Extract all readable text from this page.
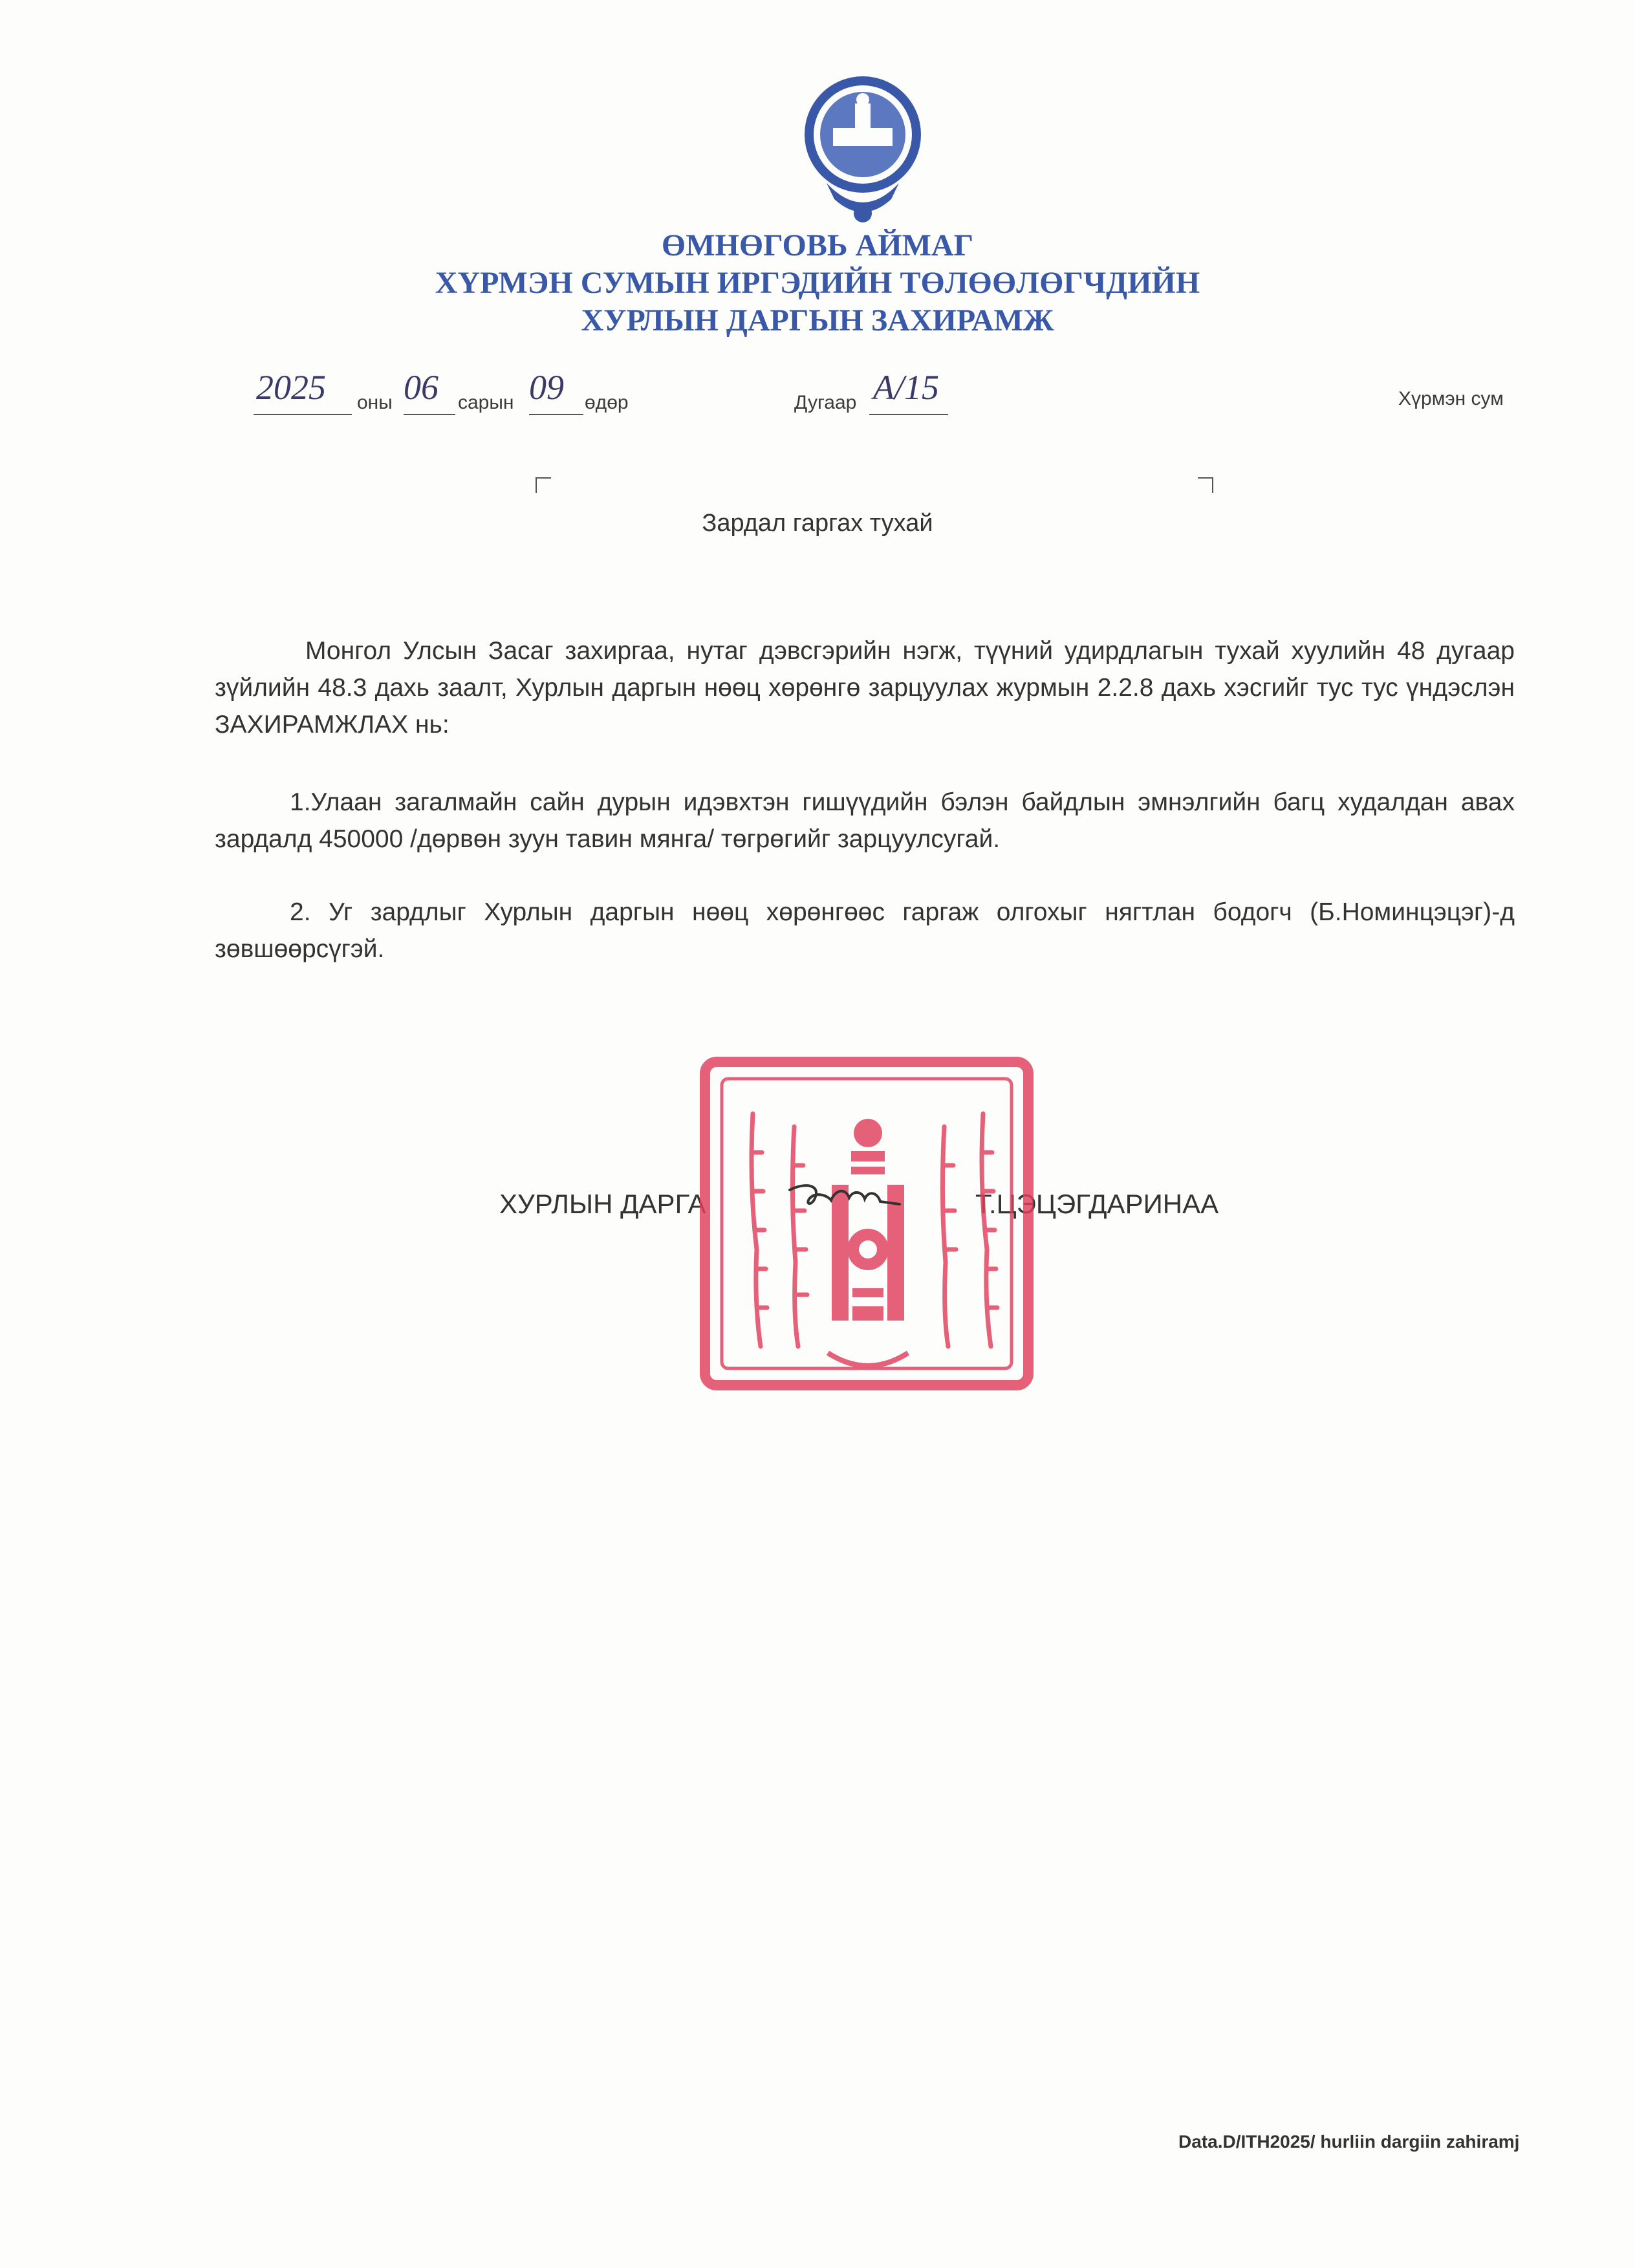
ӨМНӨГОВЬ АЙМАГ
ХҮРМЭН СУМЫН ИРГЭДИЙН ТӨЛӨӨЛӨГЧДИЙН
ХУРЛЫН ДАРГЫН ЗАХИРАМЖ
2025	оны 06	сарын 09	өдөр	Дугаар А/15	Хүрмэн сум
Зардал гаргах тухай

Монгол Улсын Засаг захиргаа, нутаг дэвсгэрийн нэгж, түүний удирдлагын тухай хуулийн 48 дугаар зүйлийн 48.3 дахь заалт, Хурлын даргын нөөц хөрөнгө зарцуулах журмын 2.2.8 дахь хэсгийг тус тус үндэслэн ЗАХИРАМЖЛАХ нь:

1.Улаан загалмайн сайн дурын идэвхтэн гишүүдийн бэлэн байдлын эмнэлгийн багц худалдан авах зардалд 450000 /дөрвөн зуун тавин мянга/ төгрөгийг зарцуулсугай.

2. Уг зардлыг Хурлын даргын нөөц хөрөнгөөс гаргаж олгохыг нягтлан бодогч (Б.Номинцэцэг)-д зөвшөөрсүгэй.

ХУРЛЫН ДАРГА	Т.ЦЭЦЭГДАРИНАА
Data.D/ITH2025/ hurliin dargiin zahiramj
